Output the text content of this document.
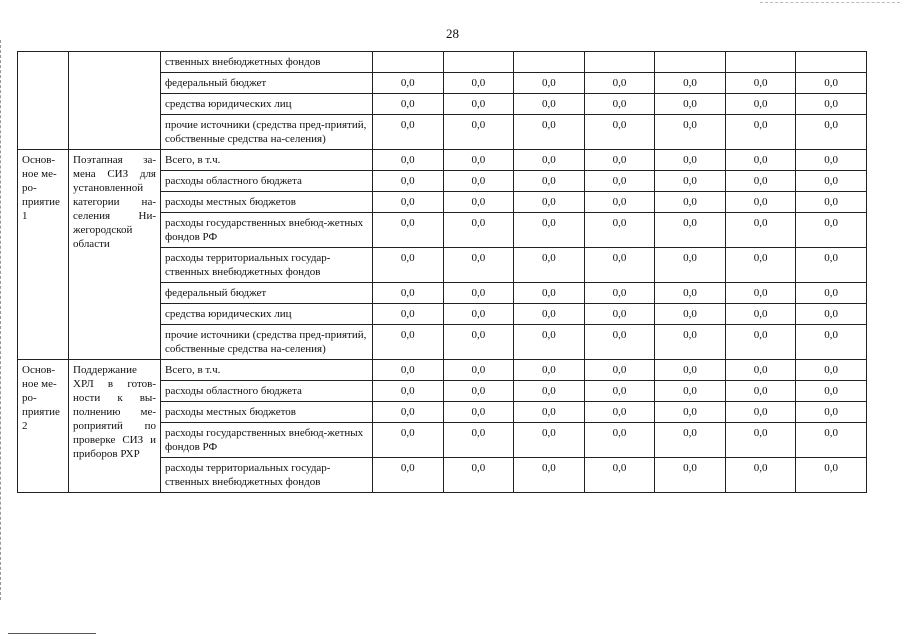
28
		ственных внебюджетных фондов							
		федеральный бюджет	0,0	0,0	0,0	0,0	0,0	0,0	0,0
		средства юридических лиц	0,0	0,0	0,0	0,0	0,0	0,0	0,0
		прочие источники (средства пред-приятий, собственные средства на-селения)	0,0	0,0	0,0	0,0	0,0	0,0	0,0
Основ-ное ме-ро-приятие 1	Поэтапная за-мена СИЗ для установленной категории на-селения Ни-жегородской области	Всего, в т.ч.	0,0	0,0	0,0	0,0	0,0	0,0	0,0
		расходы областного бюджета	0,0	0,0	0,0	0,0	0,0	0,0	0,0
		расходы местных бюджетов	0,0	0,0	0,0	0,0	0,0	0,0	0,0
		расходы государственных внебюд-жетных фондов РФ	0,0	0,0	0,0	0,0	0,0	0,0	0,0
		расходы территориальных государ-ственных внебюджетных фондов	0,0	0,0	0,0	0,0	0,0	0,0	0,0
		федеральный бюджет	0,0	0,0	0,0	0,0	0,0	0,0	0,0
		средства юридических лиц	0,0	0,0	0,0	0,0	0,0	0,0	0,0
		прочие источники (средства пред-приятий, собственные средства на-селения)	0,0	0,0	0,0	0,0	0,0	0,0	0,0
Основ-ное ме-ро-приятие 2	Поддержание ХРЛ в готов-ности к вы-полнению ме-роприятий по проверке СИЗ и приборов РХР	Всего, в т.ч.	0,0	0,0	0,0	0,0	0,0	0,0	0,0
		расходы областного бюджета	0,0	0,0	0,0	0,0	0,0	0,0	0,0
		расходы местных бюджетов	0,0	0,0	0,0	0,0	0,0	0,0	0,0
		расходы государственных внебюд-жетных фондов РФ	0,0	0,0	0,0	0,0	0,0	0,0	0,0
		расходы территориальных государ-ственных внебюджетных фондов	0,0	0,0	0,0	0,0	0,0	0,0	0,0
